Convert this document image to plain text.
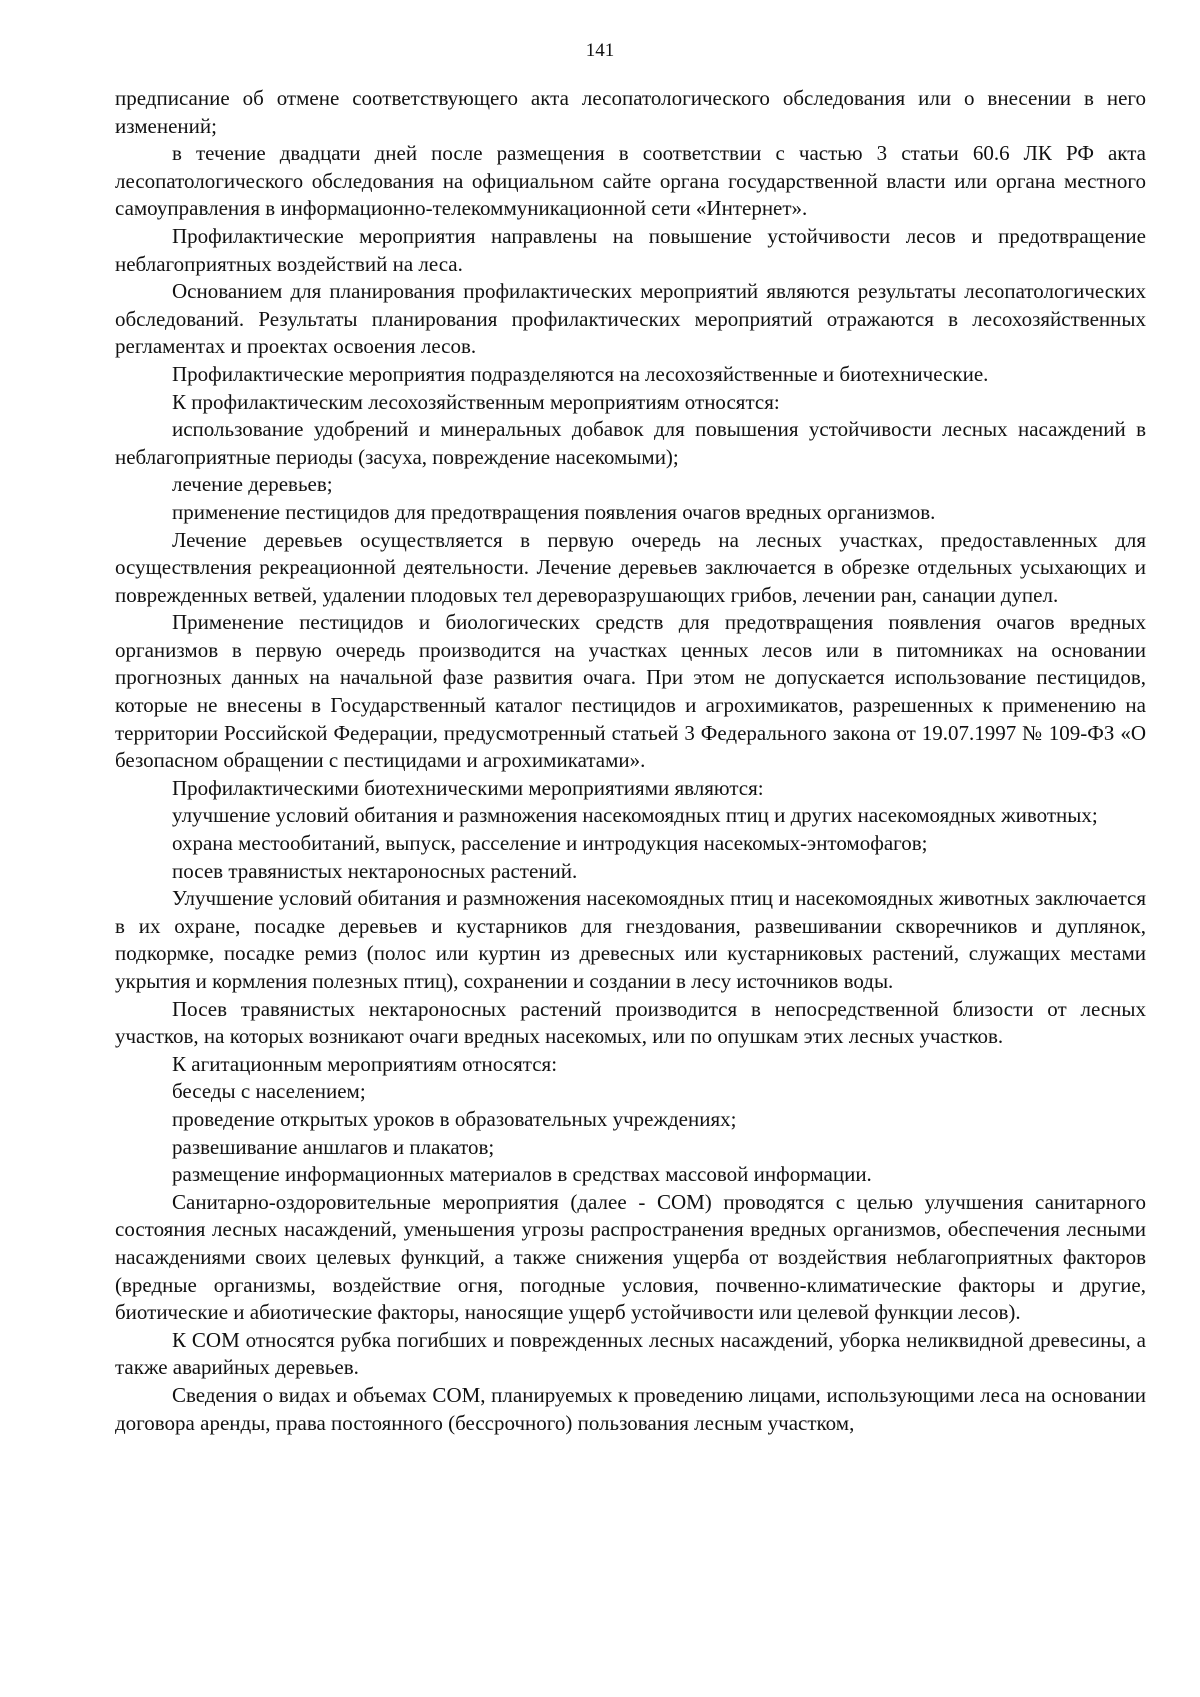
141

предписание об отмене соответствующего акта лесопатологического обследования или о внесении в него изменений;

в течение двадцати дней после размещения в соответствии с частью 3 статьи 60.6 ЛК РФ акта лесопатологического обследования на официальном сайте органа государственной власти или органа местного самоуправления в информационно-телекоммуникационной сети «Интернет».

Профилактические мероприятия направлены на повышение устойчивости лесов и предотвращение неблагоприятных воздействий на леса.

Основанием для планирования профилактических мероприятий являются результаты лесопатологических обследований. Результаты планирования профилактических мероприятий отражаются в лесохозяйственных регламентах и проектах освоения лесов.

Профилактические мероприятия подразделяются на лесохозяйственные и биотехнические.

К профилактическим лесохозяйственным мероприятиям относятся:

использование удобрений и минеральных добавок для повышения устойчивости лесных насаждений в неблагоприятные периоды (засуха, повреждение насекомыми);

лечение деревьев;

применение пестицидов для предотвращения появления очагов вредных организмов.

Лечение деревьев осуществляется в первую очередь на лесных участках, предоставленных для осуществления рекреационной деятельности. Лечение деревьев заключается в обрезке отдельных усыхающих и поврежденных ветвей, удалении плодовых тел дереворазрушающих грибов, лечении ран, санации дупел.

Применение пестицидов и биологических средств для предотвращения появления очагов вредных организмов в первую очередь производится на участках ценных лесов или в питомниках на основании прогнозных данных на начальной фазе развития очага. При этом не допускается использование пестицидов, которые не внесены в Государственный каталог пестицидов и агрохимикатов, разрешенных к применению на территории Российской Федерации, предусмотренный статьей 3 Федерального закона от 19.07.1997 № 109-ФЗ «О безопасном обращении с пестицидами и агрохимикатами».

Профилактическими биотехническими мероприятиями являются:

улучшение условий обитания и размножения насекомоядных птиц и других насекомоядных животных;

охрана местообитаний, выпуск, расселение и интродукция насекомых-энтомофагов;

посев травянистых нектароносных растений.

Улучшение условий обитания и размножения насекомоядных птиц и насекомоядных животных заключается в их охране, посадке деревьев и кустарников для гнездования, развешивании скворечников и дуплянок, подкормке, посадке ремиз (полос или куртин из древесных или кустарниковых растений, служащих местами укрытия и кормления полезных птиц), сохранении и создании в лесу источников воды.

Посев травянистых нектароносных растений производится в непосредственной близости от лесных участков, на которых возникают очаги вредных насекомых, или по опушкам этих лесных участков.

К агитационным мероприятиям относятся:

беседы с населением;

проведение открытых уроков в образовательных учреждениях;

развешивание аншлагов и плакатов;

размещение информационных материалов в средствах массовой информации.

Санитарно-оздоровительные мероприятия (далее - СОМ) проводятся с целью улучшения санитарного состояния лесных насаждений, уменьшения угрозы распространения вредных организмов, обеспечения лесными насаждениями своих целевых функций, а также снижения ущерба от воздействия неблагоприятных факторов (вредные организмы, воздействие огня, погодные условия, почвенно-климатические факторы и другие, биотические и абиотические факторы, наносящие ущерб устойчивости или целевой функции лесов).

К СОМ относятся рубка погибших и поврежденных лесных насаждений, уборка неликвидной древесины, а также аварийных деревьев.

Сведения о видах и объемах СОМ, планируемых к проведению лицами, использующими леса на основании договора аренды, права постоянного (бессрочного) пользования лесным участком,
